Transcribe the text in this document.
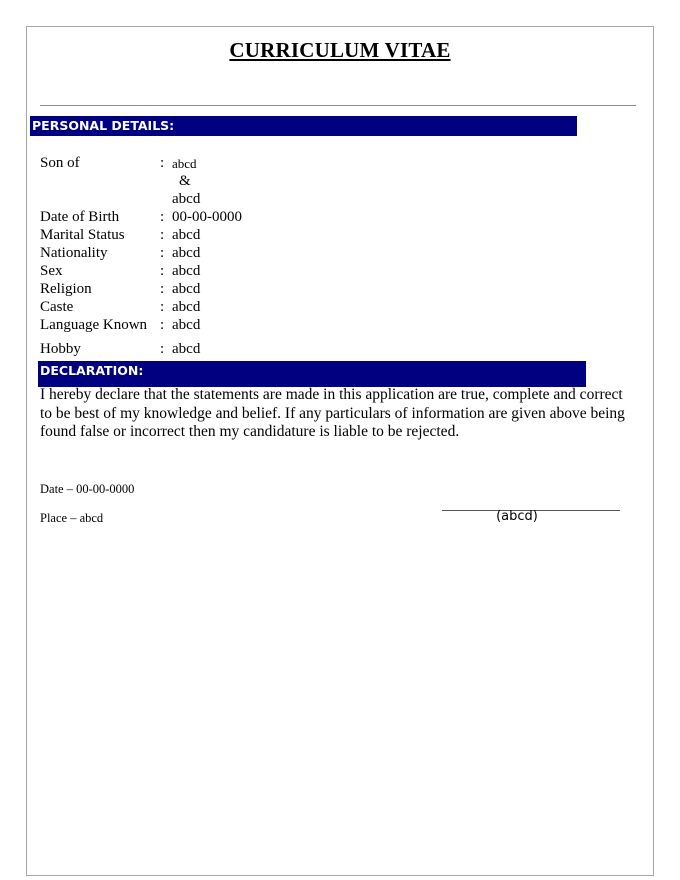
CURRICULUM VITAE
PERSONAL DETAILS:
Son of	: abcd
&
abcd
Date of Birth	: 00-00-0000
Marital Status : abcd
Nationality	: abcd
Sex	: abcd
Religion	: abcd
Caste	: abcd
Language Known : abcd
Hobby	: abcd
DECLARATION:
I hereby declare that the statements are made in this application are true, complete and correct
to be best of my knowledge and belief. If any particulars of information are given above being
found false or incorrect then my candidature is liable to be rejected.
Date – 00-00-0000
Place – abcd	(abcd)
